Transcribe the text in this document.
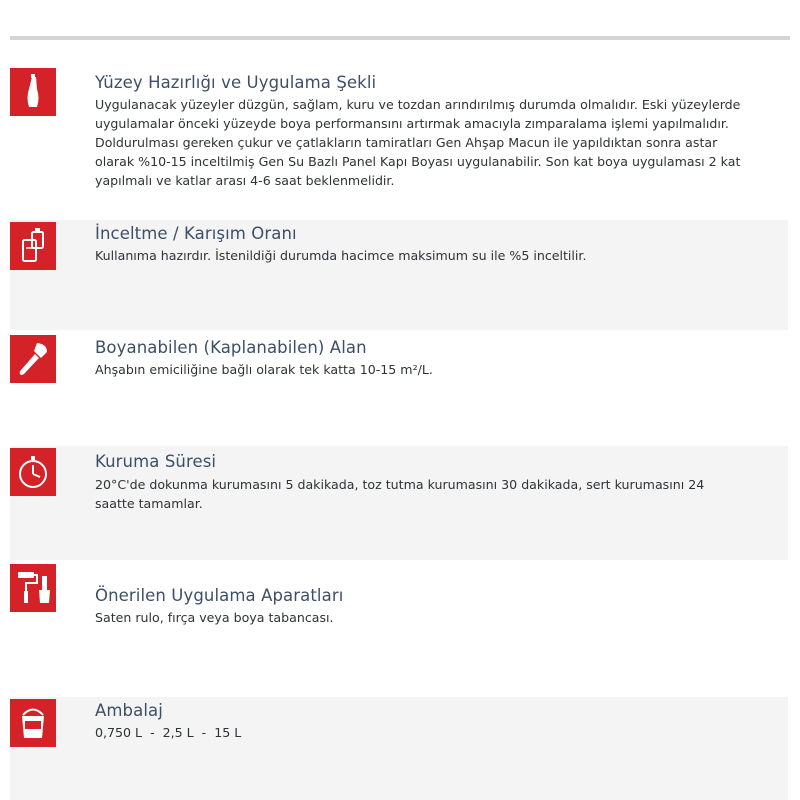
Yüzey Hazırlığı ve Uygulama Şekli
Uygulanacak yüzeyler düzgün, sağlam, kuru ve tozdan arındırılmış durumda olmalıdır. Eski yüzeylerde
uygulamalar önceki yüzeyde boya performansını artırmak amacıyla zımparalama işlemi yapılmalıdır.
Doldurulması gereken çukur ve çatlakların tamiratları Gen Ahşap Macun ile yapıldıktan sonra astar
olarak %10-15 inceltilmiş Gen Su Bazlı Panel Kapı Boyası uygulanabilir. Son kat boya uygulaması 2 kat
yapılmalı ve katlar arası 4-6 saat beklenmelidir.
İnceltme / Karışım Oranı

Kullanıma hazırdır. İstenildiği durumda hacimce maksimum su ile %5 inceltilir.

Boyanabilen (Kaplanabilen) Alan

Ahşabın emiciliğine bağlı olarak tek katta 10-15 m²/L.

Kuruma Süresi
20°C'de dokunma kurumasını 5 dakikada, toz tutma kurumasını 30 dakikada, sert kurumasını 24
saatte tamamlar.
Önerilen Uygulama Aparatları

Saten rulo, fırça veya boya tabancası.

Ambalaj

0,750 L  -  2,5 L  -  15 L
